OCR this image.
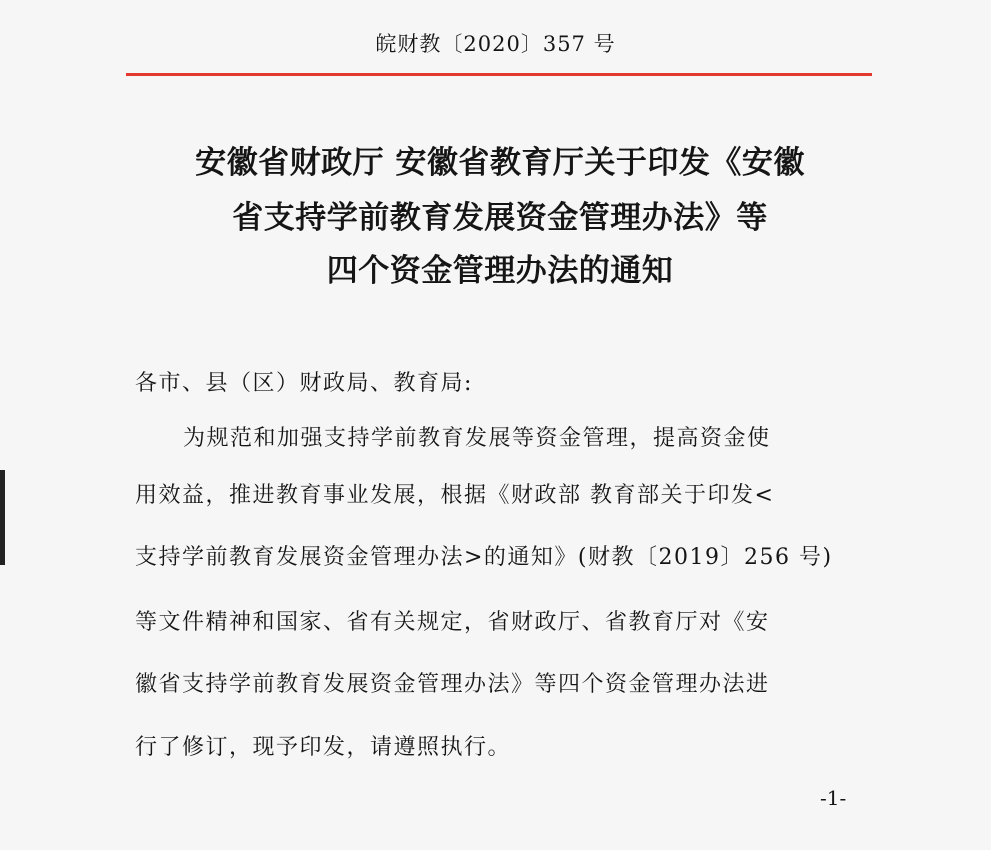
皖财教〔2020〕357 号
安徽省财政厅 安徽省教育厅关于印发《安徽
省支持学前教育发展资金管理办法》等
四个资金管理办法的通知
各市、县（区）财政局、教育局:
为规范和加强支持学前教育发展等资金管理，提高资金使
用效益，推进教育事业发展，根据《财政部 教育部关于印发<
支持学前教育发展资金管理办法>的通知》(财教〔2019〕256 号)
等文件精神和国家、省有关规定，省财政厅、省教育厅对《安
徽省支持学前教育发展资金管理办法》等四个资金管理办法进
行了修订，现予印发，请遵照执行。
-1-
